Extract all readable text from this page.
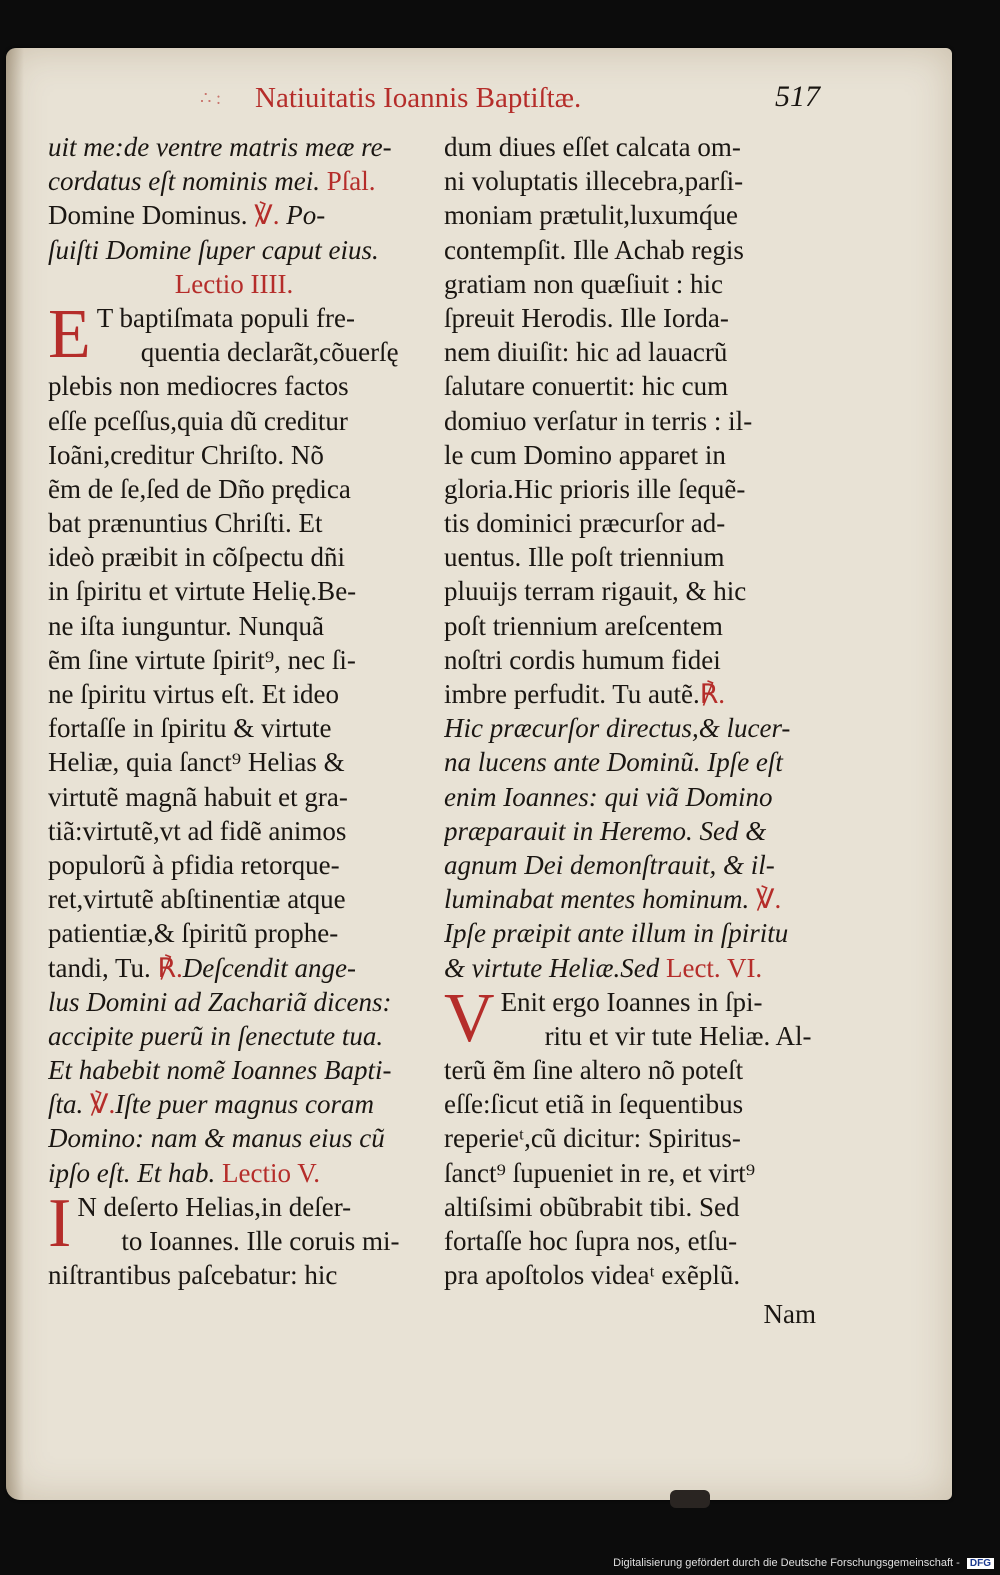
∴ : Natiuitatis Ioannis Baptiſtæ.	517
uit me:de ventre matris meæ re-
cordatus eſt nominis mei. Pſal.
Domine Dominus. ℣. Po-
ſuiſti Domine ſuper caput eius.
Lectio IIII.
E T baptiſmata populi fre-
quentia declarãt,cõuerſę
plebis non mediocres factos
eſſe pceſſus,quia dũ creditur
Ioãni,creditur Chriſto. Nõ
ẽm de ſe,ſed de Dño prędica
bat prænuntius Chriſti. Et
ideò præibit in cõſpectu dñi
in ſpiritu et virtute Helię.Be-
ne iſta iunguntur. Nunquã
ẽm ſine virtute ſpirit⁹, nec ſi-
ne ſpiritu virtus eſt. Et ideo
fortaſſe in ſpiritu & virtute
Heliæ, quia ſanct⁹ Helias &
virtutẽ magnã habuit et gra-
tiã:virtutẽ,vt ad fidẽ animos
populorũ à pfidia retorque-
ret,virtutẽ abſtinentiæ atque
patientiæ,& ſpiritũ prophe-
tandi, Tu. ℟.Deſcendit ange-
lus Domini ad Zachariã dicens:
accipite puerũ in ſenectute tua.
Et habebit nomẽ Ioannes Bapti-
ſta. ℣.Iſte puer magnus coram
Domino: nam & manus eius cũ
ipſo eſt. Et hab. Lectio V.
I N deſerto Helias,in deſer-
to Ioannes. Ille coruis mi-
niſtrantibus paſcebatur: hic
dum diues eſſet calcata om-
ni voluptatis illecebra,parſi-
moniam prætulit,luxumq́ue
contempſit. Ille Achab regis
gratiam non quæſiuit : hic
ſpreuit Herodis. Ille Iorda-
nem diuiſit: hic ad lauacrũ
ſalutare conuertit: hic cum
domiuo verſatur in terris : il-
le cum Domino apparet in
gloria.Hic prioris ille ſequẽ-
tis dominici præcurſor ad-
uentus. Ille poſt triennium
pluuijs terram rigauit, & hic
poſt triennium areſcentem
noſtri cordis humum fidei
imbre perfudit. Tu autẽ.℟.
Hic præcurſor directus,& lucer-
na lucens ante Dominũ. Ipſe eſt
enim Ioannes: qui viã Domino
præparauit in Heremo. Sed &
agnum Dei demonſtrauit, & il-
luminabat mentes hominum. ℣.
Ipſe præipit ante illum in ſpiritu
& virtute Heliæ.Sed Lect. VI.
V Enit ergo Ioannes in ſpi-
ritu et vir tute Heliæ. Al-
terũ ẽm ſine altero nõ poteſt
eſſe:ſicut etiã in ſequentibus
reperieᵗ,cũ dicitur: Spiritus-
ſanct⁹ ſupueniet in re, et virt⁹
altiſsimi obũbrabit tibi. Sed
fortaſſe hoc ſupra nos, etſu-
pra apoſtolos videaᵗ exẽplũ.
Nam
Digitalisierung gefördert durch die Deutsche Forschungsgemeinschaft - DFG
